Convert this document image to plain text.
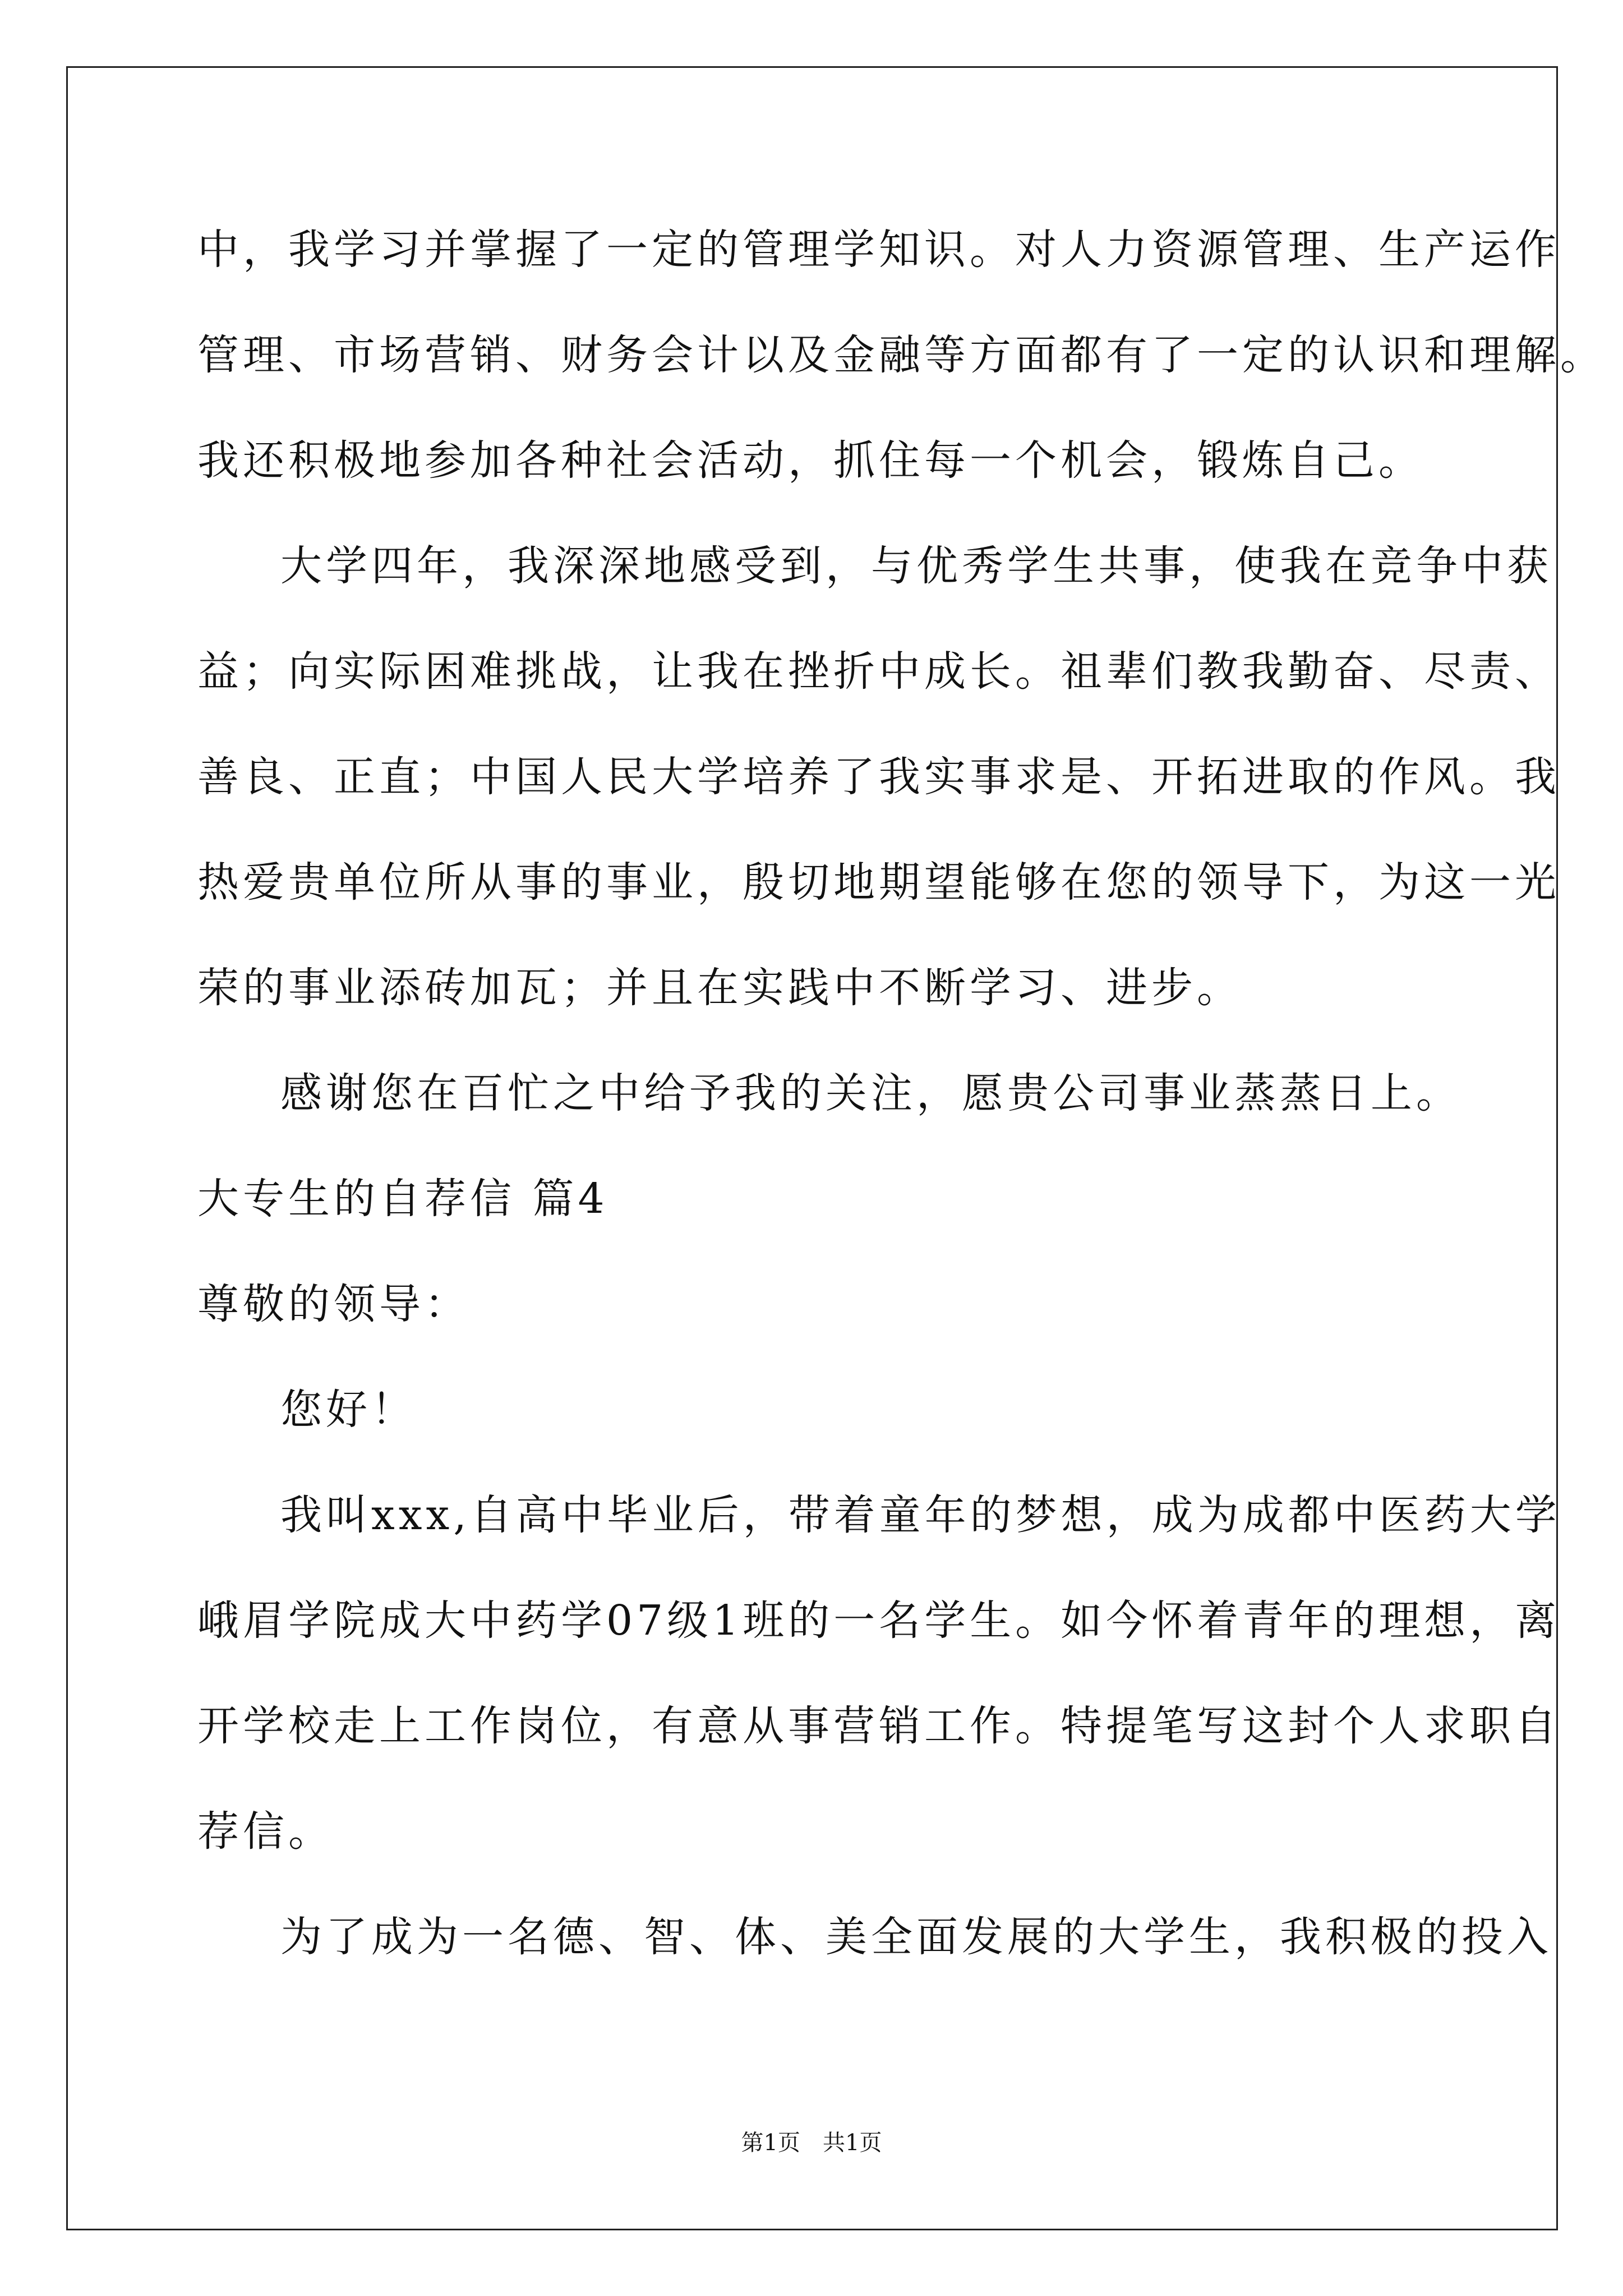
中，我学习并掌握了一定的管理学知识。对人力资源管理、生产运作
管理、市场营销、财务会计以及金融等方面都有了一定的认识和理解。
我还积极地参加各种社会活动，抓住每一个机会，锻炼自己。
大学四年，我深深地感受到，与优秀学生共事，使我在竞争中获
益；向实际困难挑战，让我在挫折中成长。祖辈们教我勤奋、尽责、
善良、正直；中国人民大学培养了我实事求是、开拓进取的作风。我
热爱贵单位所从事的事业，殷切地期望能够在您的领导下，为这一光
荣的事业添砖加瓦；并且在实践中不断学习、进步。
感谢您在百忙之中给予我的关注，愿贵公司事业蒸蒸日上。
大专生的自荐信 篇4
尊敬的领导：
您好！
我叫xxx,自高中毕业后，带着童年的梦想，成为成都中医药大学
峨眉学院成大中药学07级1班的一名学生。如今怀着青年的理想，离
开学校走上工作岗位，有意从事营销工作。特提笔写这封个人求职自
荐信。
为了成为一名德、智、体、美全面发展的大学生，我积极的投入
第1页　共1页
